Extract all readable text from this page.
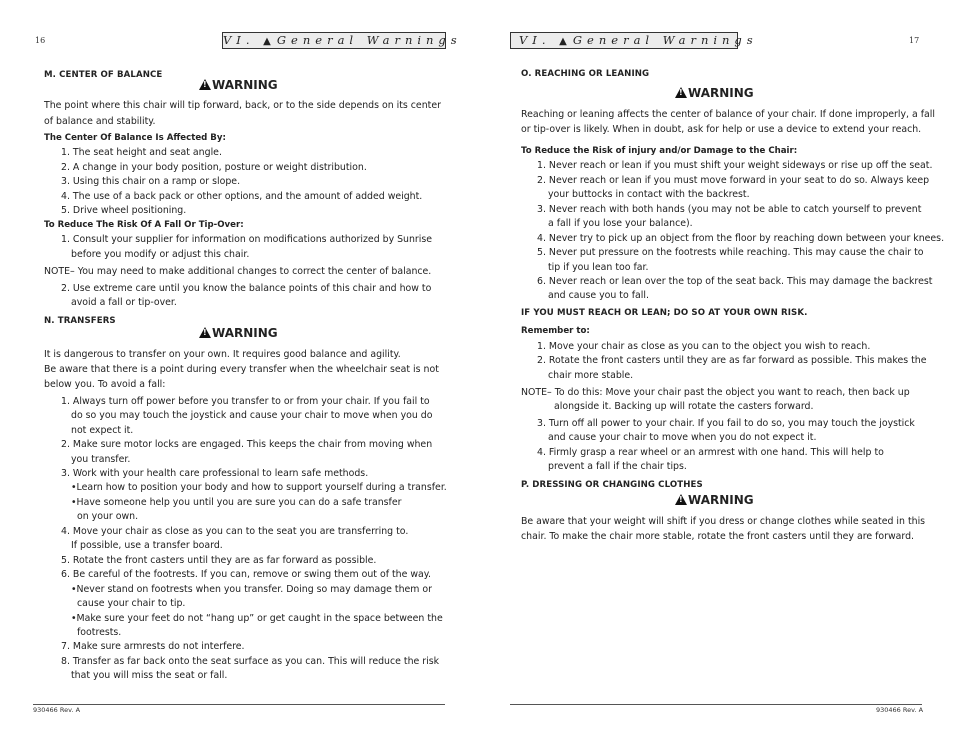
16	VI. ▲ General Warnings
M. CENTER OF BALANCE
!WARNING
The point where this chair will tip forward, back, or to the side depends on its center
of balance and stability.
The Center Of Balance Is Affected By:
1. The seat height and seat angle.
2. A change in your body position, posture or weight distribution.
3. Using this chair on a ramp or slope.
4. The use of a back pack or other options, and the amount of added weight.
5. Drive wheel positioning.
To Reduce The Risk Of A Fall Or Tip-Over:
1. Consult your supplier for information on modifications authorized by Sunrise
before you modify or adjust this chair.
NOTE– You may need to make additional changes to correct the center of balance.
2. Use extreme care until you know the balance points of this chair and how to
avoid a fall or tip-over.
N. TRANSFERS
!WARNING
It is dangerous to transfer on your own. It requires good balance and agility.
Be aware that there is a point during every transfer when the wheelchair seat is not
below you. To avoid a fall:
1. Always turn off power before you transfer to or from your chair. If you fail to
do so you may touch the joystick and cause your chair to move when you do
not expect it.
2. Make sure motor locks are engaged. This keeps the chair from moving when
you transfer.
3. Work with your health care professional to learn safe methods.
•Learn how to position your body and how to support yourself during a transfer.
•Have someone help you until you are sure you can do a safe transfer
on your own.
4. Move your chair as close as you can to the seat you are transferring to.
If possible, use a transfer board.
5. Rotate the front casters until they are as far forward as possible.
6. Be careful of the footrests. If you can, remove or swing them out of the way.
•Never stand on footrests when you transfer. Doing so may damage them or
cause your chair to tip.
•Make sure your feet do not “hang up” or get caught in the space between the
footrests.
7. Make sure armrests do not interfere.
8. Transfer as far back onto the seat surface as you can. This will reduce the risk
that you will miss the seat or fall.
930466 Rev. A
VI. ▲ General Warnings	17
O. REACHING OR LEANING
!WARNING
Reaching or leaning affects the center of balance of your chair. If done improperly, a fall
or tip-over is likely. When in doubt, ask for help or use a device to extend your reach.
To Reduce the Risk of injury and/or Damage to the Chair:
1. Never reach or lean if you must shift your weight sideways or rise up off the seat.
2. Never reach or lean if you must move forward in your seat to do so. Always keep
your buttocks in contact with the backrest.
3. Never reach with both hands (you may not be able to catch yourself to prevent
a fall if you lose your balance).
4. Never try to pick up an object from the floor by reaching down between your knees.
5. Never put pressure on the footrests while reaching. This may cause the chair to
tip if you lean too far.
6. Never reach or lean over the top of the seat back. This may damage the backrest
and cause you to fall.
IF YOU MUST REACH OR LEAN; DO SO AT YOUR OWN RISK.
Remember to:
1. Move your chair as close as you can to the object you wish to reach.
2. Rotate the front casters until they are as far forward as possible. This makes the
chair more stable.
NOTE– To do this: Move your chair past the object you want to reach, then back up
alongside it. Backing up will rotate the casters forward.
3. Turn off all power to your chair. If you fail to do so, you may touch the joystick
and cause your chair to move when you do not expect it.
4. Firmly grasp a rear wheel or an armrest with one hand. This will help to
prevent a fall if the chair tips.
P. DRESSING OR CHANGING CLOTHES
!WARNING
Be aware that your weight will shift if you dress or change clothes while seated in this
chair. To make the chair more stable, rotate the front casters until they are forward.
930466 Rev. A
